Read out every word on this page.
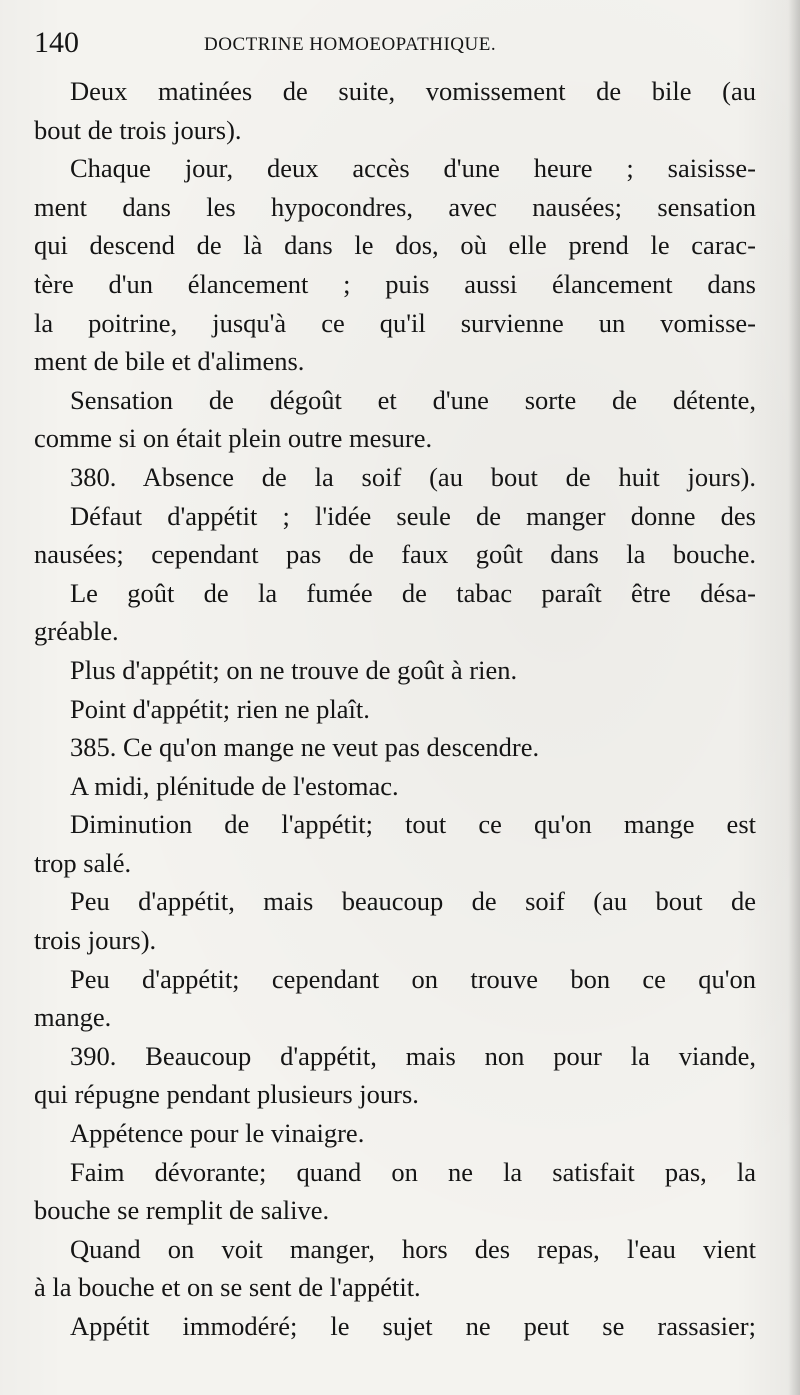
140	DOCTRINE HOMOEOPATHIQUE.
Deux matinées de suite, vomissement de bile (au
bout de trois jours).
Chaque jour, deux accès d'une heure ; saisisse-
ment dans les hypocondres, avec nausées; sensation
qui descend de là dans le dos, où elle prend le carac-
tère d'un élancement ; puis aussi élancement dans
la poitrine, jusqu'à ce qu'il survienne un vomisse-
ment de bile et d'alimens.
Sensation de dégoût et d'une sorte de détente,
comme si on était plein outre mesure.
380. Absence de la soif (au bout de huit jours).
Défaut d'appétit ; l'idée seule de manger donne des
nausées; cependant pas de faux goût dans la bouche.
Le goût de la fumée de tabac paraît être désa-
gréable.
Plus d'appétit; on ne trouve de goût à rien.
Point d'appétit; rien ne plaît.
385. Ce qu'on mange ne veut pas descendre.
A midi, plénitude de l'estomac.
Diminution de l'appétit; tout ce qu'on mange est
trop salé.
Peu d'appétit, mais beaucoup de soif (au bout de
trois jours).
Peu d'appétit; cependant on trouve bon ce qu'on
mange.
390. Beaucoup d'appétit, mais non pour la viande,
qui répugne pendant plusieurs jours.
Appétence pour le vinaigre.
Faim dévorante; quand on ne la satisfait pas, la
bouche se remplit de salive.
Quand on voit manger, hors des repas, l'eau vient
à la bouche et on se sent de l'appétit.
Appétit immodéré; le sujet ne peut se rassasier;
